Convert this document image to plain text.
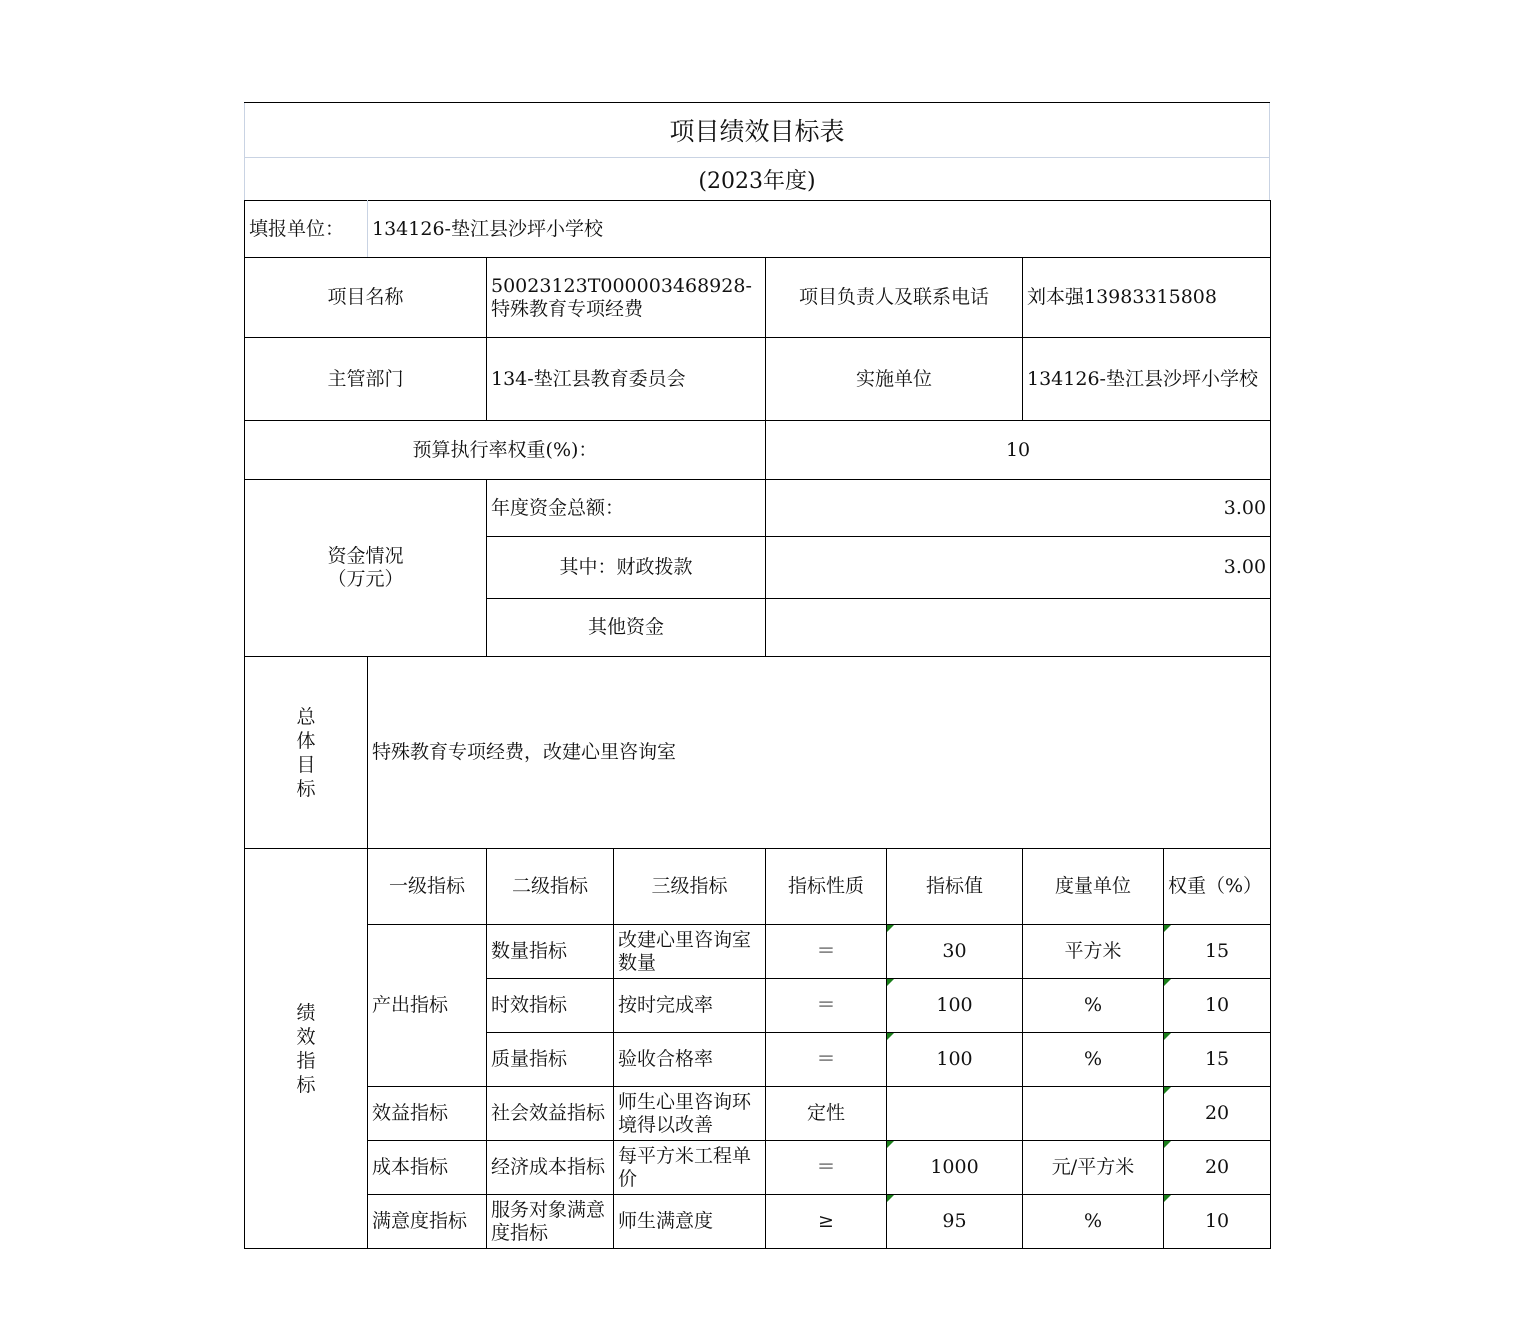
项目绩效目标表
(2023年度)
填报单位：	134126-垫江县沙坪小学校						
项目名称		50023123T000003468928-特殊教育专项经费		项目负责人及联系电话		刘本强13983315808	
主管部门		134-垫江县教育委员会		实施单位		134126-垫江县沙坪小学校	
预算执行率权重(%)：				10			
资金情况（万元）		年度资金总额：		3.00			
		其中：财政拨款		3.00			
		其他资金					
总体目标	特殊教育专项经费，改建心里咨询室						
绩效指标	一级指标	二级指标	三级指标	指标性质	指标值	度量单位	权重（%）
	产出指标	数量指标	改建心里咨询室数量	＝	30	平方米	15
		时效指标	按时完成率	＝	100	%	10
		质量指标	验收合格率	＝	100	%	15
	效益指标	社会效益指标	师生心里咨询环境得以改善	定性			20
	成本指标	经济成本指标	每平方米工程单价	＝	1000	元/平方米	20
	满意度指标	服务对象满意度指标	师生满意度	≥	95	%	10
